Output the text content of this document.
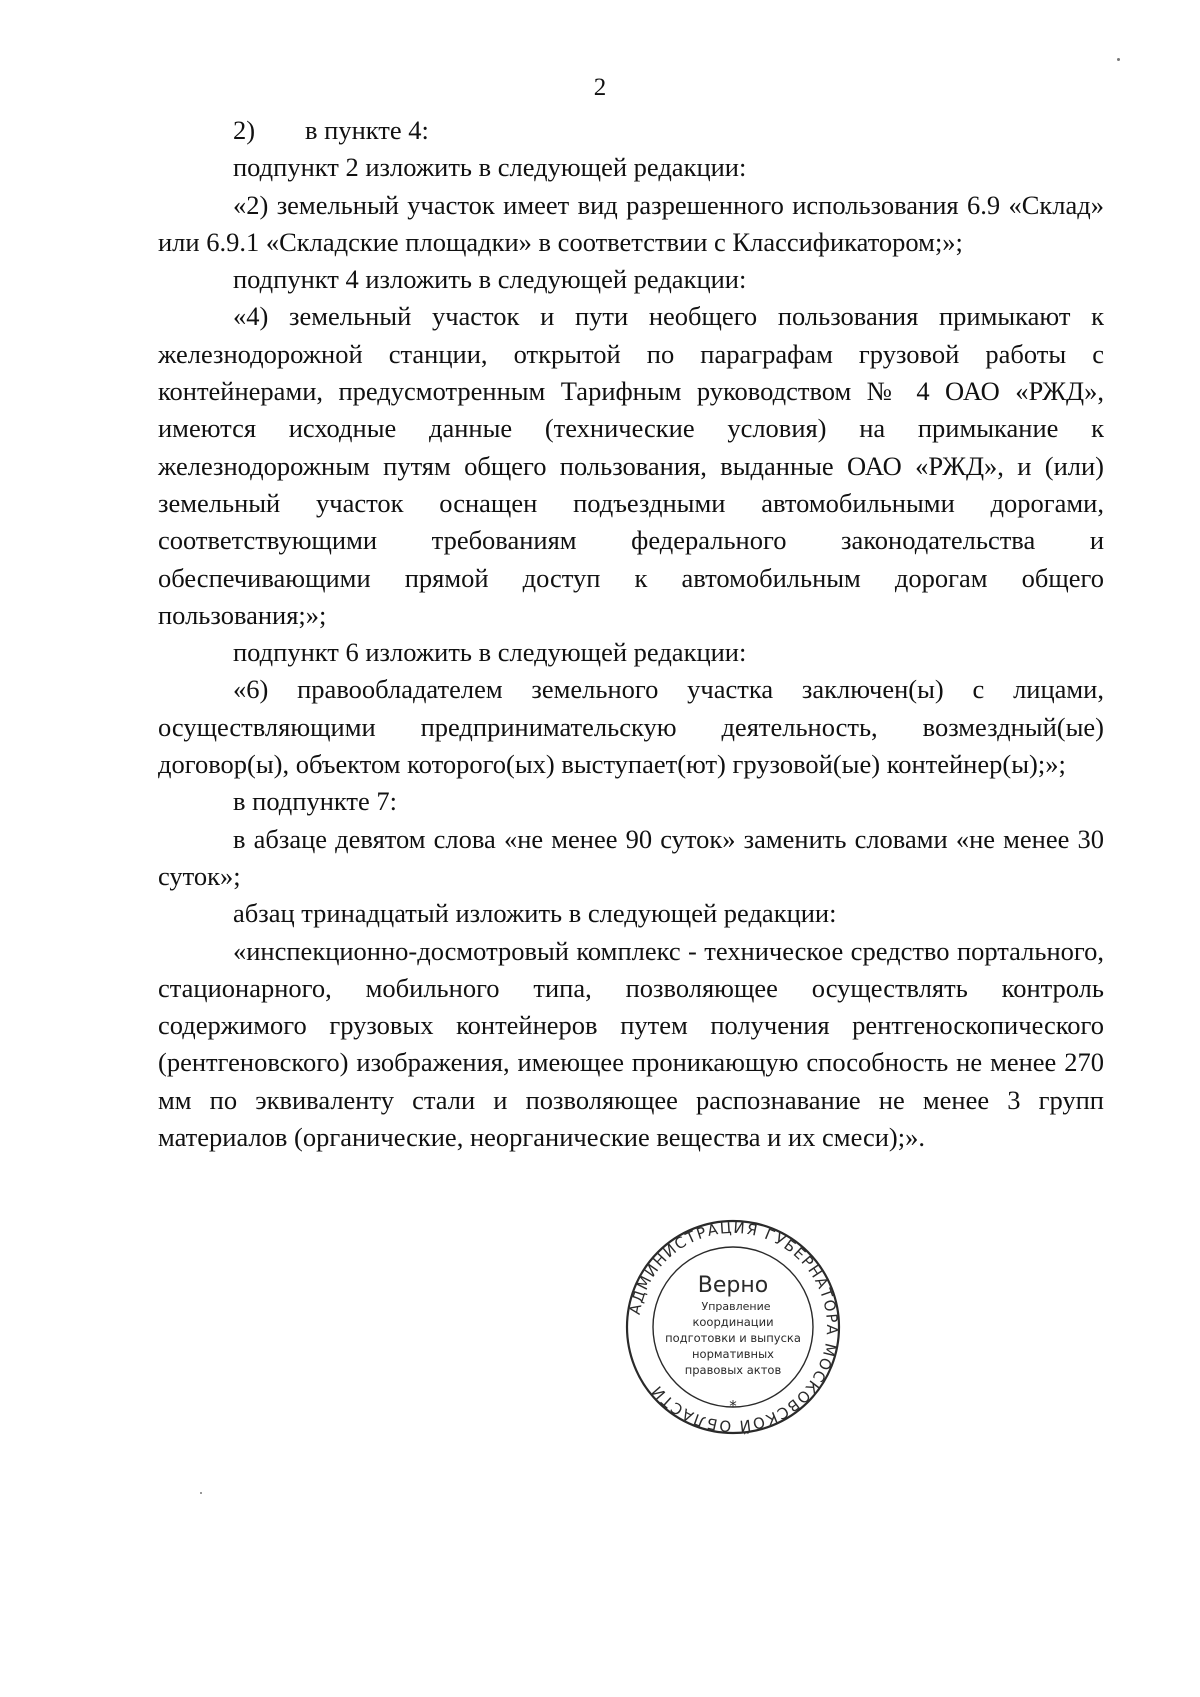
2

2) в пункте 4:

подпункт 2 изложить в следующей редакции:

«2) земельный участок имеет вид разрешенного использования 6.9 «Склад» или 6.9.1 «Складские площадки» в соответствии с Классификатором;»;

подпункт 4 изложить в следующей редакции:

«4) земельный участок и пути необщего пользования примыкают к железнодорожной станции, открытой по параграфам грузовой работы с контейнерами, предусмотренным Тарифным руководством № 4 ОАО «РЖД», имеются исходные данные (технические условия) на примыкание к железнодорожным путям общего пользования, выданные ОАО «РЖД», и (или) земельный участок оснащен подъездными автомобильными дорогами, соответствующими требованиям федерального законодательства и обеспечивающими прямой доступ к автомобильным дорогам общего пользования;»;

подпункт 6 изложить в следующей редакции:

«6) правообладателем земельного участка заключен(ы) с лицами, осуществляющими предпринимательскую деятельность, возмездный(ые) договор(ы), объектом которого(ых) выступает(ют) грузовой(ые) контейнер(ы);»;

в подпункте 7:

в абзаце девятом слова «не менее 90 суток» заменить словами «не менее 30 суток»;

абзац тринадцатый изложить в следующей редакции:

«инспекционно-досмотровый комплекс - техническое средство портального, стационарного, мобильного типа, позволяющее осуществлять контроль содержимого грузовых контейнеров путем получения рентгеноскопического (рентгеновского) изображения, имеющее проникающую способность не менее 270 мм по эквиваленту стали и позволяющее распознавание не менее 3 групп материалов (органические, неорганические вещества и их смеси);».

АДМИНИСТРАЦИЯ ГУБЕРНАТОРА МОСКОВСКОЙ ОБЛАСТИ
*
Верно
Управление
координации
подготовки и выпуска
нормативных
правовых актов
